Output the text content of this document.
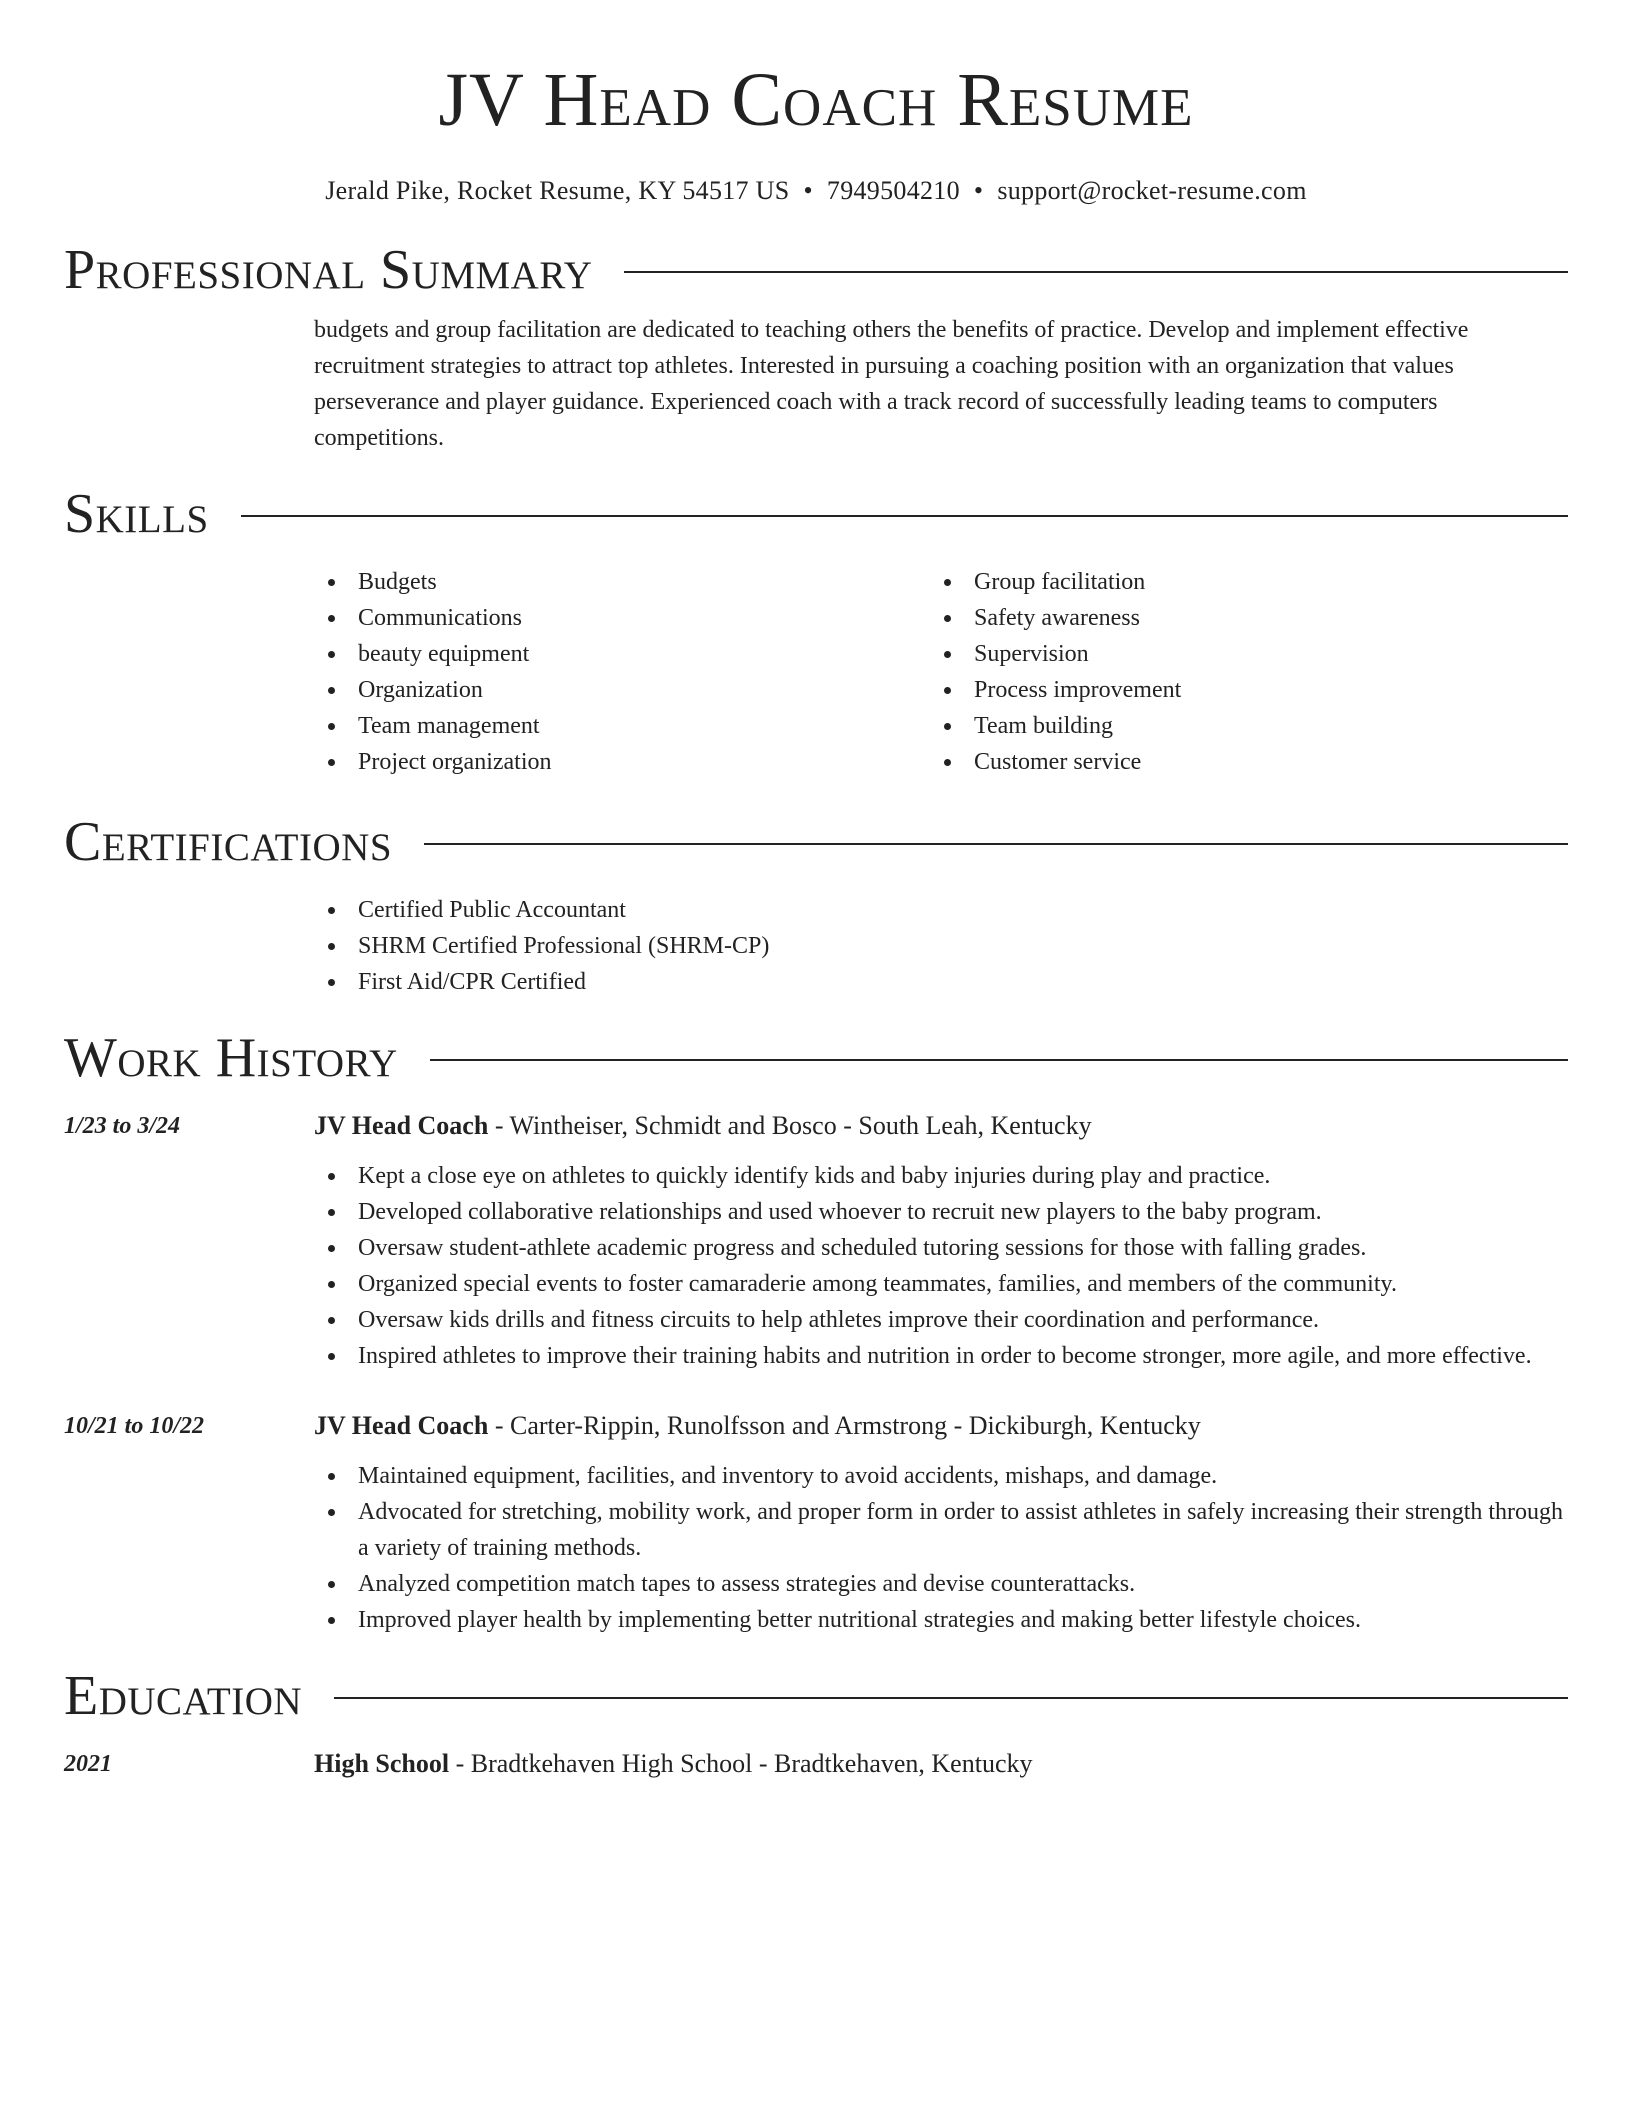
JV Head Coach Resume
Jerald Pike, Rocket Resume, KY 54517 US • 7949504210 • support@rocket-resume.com
Professional Summary

budgets and group facilitation are dedicated to teaching others the benefits of practice. Develop and implement effective recruitment strategies to attract top athletes. Interested in pursuing a coaching position with an organization that values perseverance and player guidance. Experienced coach with a track record of successfully leading teams to computers competitions.

Skills
Budgets
Communications
beauty equipment
Organization
Team management
Project organization
Group facilitation
Safety awareness
Supervision
Process improvement
Team building
Customer service
Certifications
Certified Public Accountant
SHRM Certified Professional (SHRM-CP)
First Aid/CPR Certified
Work History
1/23 to 3/24	JV Head Coach - Wintheiser, Schmidt and Bosco - South Leah, Kentucky
Kept a close eye on athletes to quickly identify kids and baby injuries during play and practice.
Developed collaborative relationships and used whoever to recruit new players to the baby program.
Oversaw student-athlete academic progress and scheduled tutoring sessions for those with falling grades.
Organized special events to foster camaraderie among teammates, families, and members of the community.
Oversaw kids drills and fitness circuits to help athletes improve their coordination and performance.
Inspired athletes to improve their training habits and nutrition in order to become stronger, more agile, and more effective.
10/21 to 10/22	JV Head Coach - Carter-Rippin, Runolfsson and Armstrong - Dickiburgh, Kentucky
Maintained equipment, facilities, and inventory to avoid accidents, mishaps, and damage.
Advocated for stretching, mobility work, and proper form in order to assist athletes in safely increasing their strength through a variety of training methods.
Analyzed competition match tapes to assess strategies and devise counterattacks.
Improved player health by implementing better nutritional strategies and making better lifestyle choices.
Education
2021	High School - Bradtkehaven High School - Bradtkehaven, Kentucky
